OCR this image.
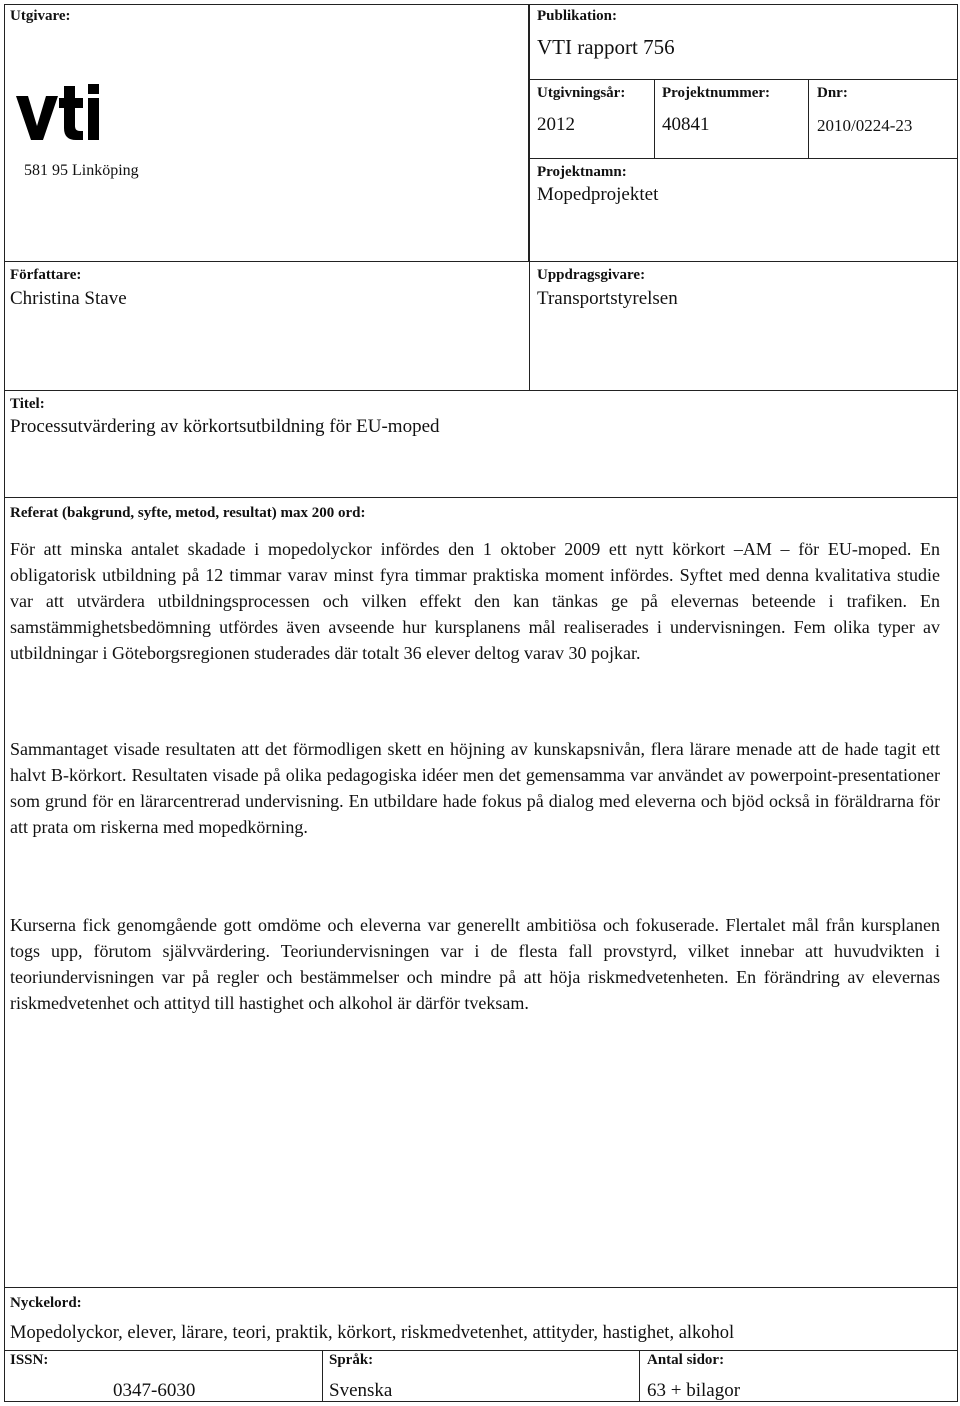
Utgivare:
581 95 Linköping
Publikation:
VTI rapport 756
Utgivningsår:
2012
Projektnummer:
40841
Dnr:
2010/0224-23
Projektnamn:
Mopedprojektet
Författare:
Christina Stave
Uppdragsgivare:
Transportstyrelsen
Titel:
Processutvärdering av körkortsutbildning för EU-moped
Referat (bakgrund, syfte, metod, resultat) max 200 ord:
För att minska antalet skadade i mopedolyckor infördes den 1 oktober 2009 ett nytt körkort –AM – för EU-moped. En obligatorisk utbildning på 12 timmar varav minst fyra timmar praktiska moment infördes. Syftet med denna kvalitativa studie var att utvärdera utbildningsprocessen och vilken effekt den kan tänkas ge på elevernas beteende i trafiken. En samstämmighetsbedömning utfördes även avseende hur kursplanens mål realiserades i undervisningen. Fem olika typer av utbildningar i Göteborgsregionen studerades där totalt 36 elever deltog varav 30 pojkar.
Sammantaget visade resultaten att det förmodligen skett en höjning av kunskapsnivån, flera lärare menade att de hade tagit ett halvt B-körkort. Resultaten visade på olika pedagogiska idéer men det gemensamma var användet av powerpoint-presentationer som grund för en lärarcentrerad undervisning. En utbildare hade fokus på dialog med eleverna och bjöd också in föräldrarna för att prata om riskerna med mopedkörning.
Kurserna fick genomgående gott omdöme och eleverna var generellt ambitiösa och fokuserade. Flertalet mål från kursplanen togs upp, förutom självvärdering. Teoriundervisningen var i de flesta fall provstyrd, vilket innebar att huvudvikten i teoriundervisningen var på regler och bestämmelser och mindre på att höja riskmedvetenheten. En förändring av elevernas riskmedvetenhet och attityd till hastighet och alkohol är därför tveksam.
Nyckelord:
Mopedolyckor, elever, lärare, teori, praktik, körkort, riskmedvetenhet, attityder, hastighet, alkohol
ISSN:
0347-6030
Språk:
Svenska
Antal sidor:
63 + bilagor
